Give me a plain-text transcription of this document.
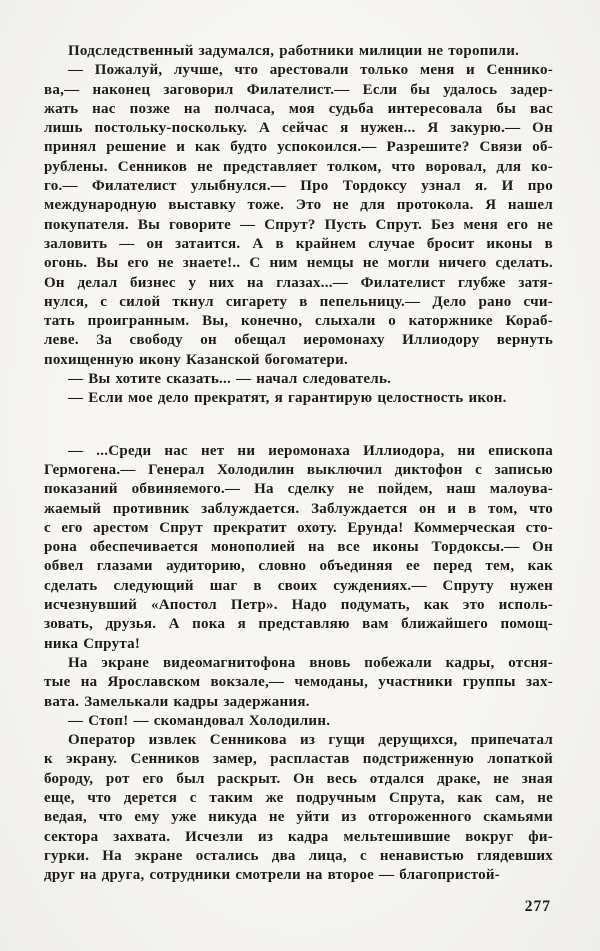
Подследственный задумался, работники милиции не торопили.
— Пожалуй, лучше, что арестовали только меня и Сеннико-
ва,— наконец заговорил Филателист.— Если бы удалось задер-
жать нас позже на полчаса, моя судьба интересовала бы вас
лишь постольку-поскольку. А сейчас я нужен... Я закурю.— Он
принял решение и как будто успокоился.— Разрешите? Связи об-
рублены. Сенников не представляет толком, что воровал, для ко-
го.— Филателист улыбнулся.— Про Тордоксу узнал я. И про
международную выставку тоже. Это не для протокола. Я нашел
покупателя. Вы говорите — Спрут? Пусть Спрут. Без меня его не
заловить — он затаится. А в крайнем случае бросит иконы в
огонь. Вы его не знаете!.. С ним немцы не могли ничего сделать.
Он делал бизнес у них на глазах...— Филателист глубже затя-
нулся, с силой ткнул сигарету в пепельницу.— Дело рано счи-
тать проигранным. Вы, конечно, слыхали о каторжнике Кораб-
леве. За свободу он обещал иеромонаху Иллиодору вернуть
похищенную икону Казанской богоматери.
— Вы хотите сказать... — начал следователь.
— Если мое дело прекратят, я гарантирую целостность икон.
— ...Среди нас нет ни иеромонаха Иллиодора, ни епископа
Гермогена.— Генерал Холодилин выключил диктофон с записью
показаний обвиняемого.— На сделку не пойдем, наш малоува-
жаемый противник заблуждается. Заблуждается он и в том, что
с его арестом Спрут прекратит охоту. Ерунда! Коммерческая сто-
рона обеспечивается монополией на все иконы Тордоксы.— Он
обвел глазами аудиторию, словно объединяя ее перед тем, как
сделать следующий шаг в своих суждениях.— Спруту нужен
исчезнувший «Апостол Петр». Надо подумать, как это исполь-
зовать, друзья. А пока я представляю вам ближайшего помощ-
ника Спрута!
На экране видеомагнитофона вновь побежали кадры, отсня-
тые на Ярославском вокзале,— чемоданы, участники группы зах-
вата. Замелькали кадры задержания.
— Стоп! — скомандовал Холодилин.
Оператор извлек Сенникова из гущи дерущихся, припечатал
к экрану. Сенников замер, распластав подстриженную лопаткой
бороду, рот его был раскрыт. Он весь отдался драке, не зная
еще, что дерется с таким же подручным Спрута, как сам, не
ведая, что ему уже никуда не уйти из отгороженного скамьями
сектора захвата. Исчезли из кадра мельтешившие вокруг фи-
гурки. На экране остались два лица, с ненавистью глядевших
друг на друга, сотрудники смотрели на второе — благопристой-
277
